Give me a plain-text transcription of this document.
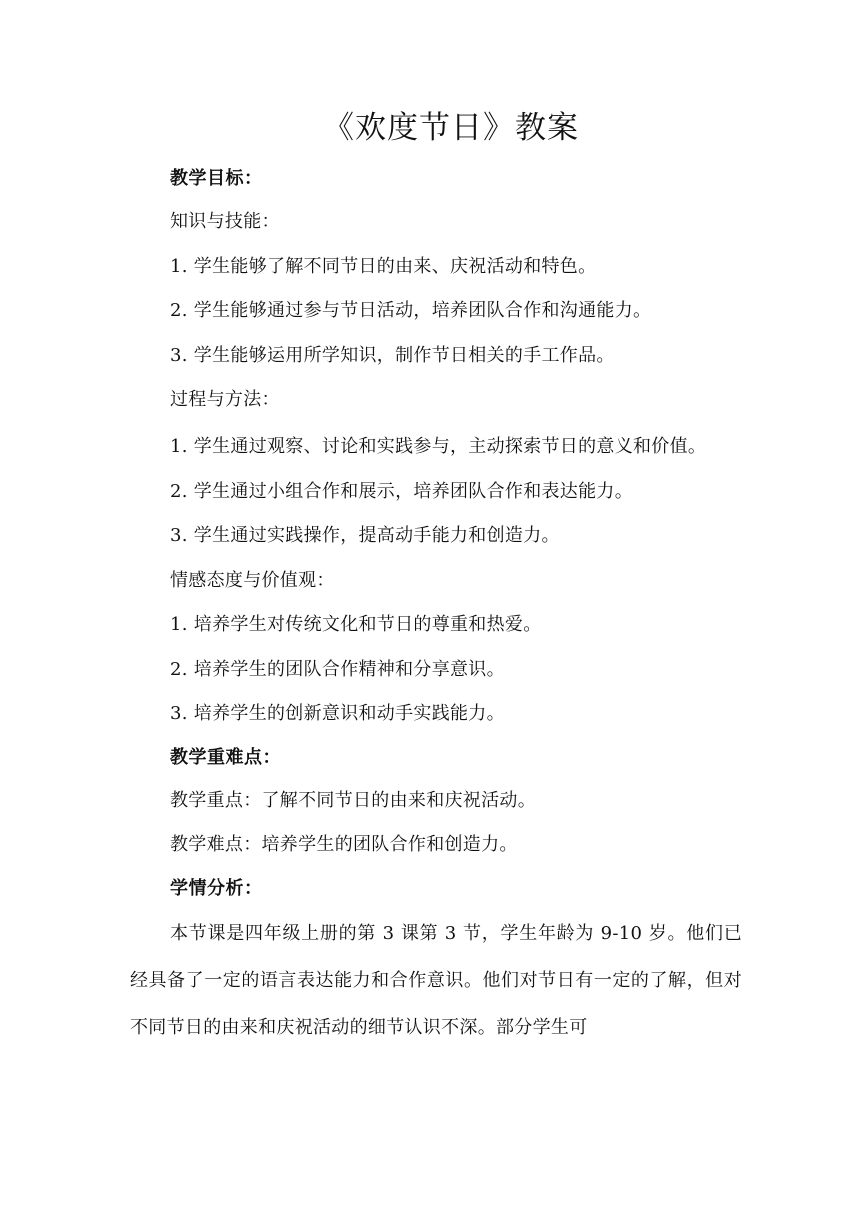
《欢度节日》教案

教学目标：

知识与技能：

1. 学生能够了解不同节日的由来、庆祝活动和特色。

2. 学生能够通过参与节日活动，培养团队合作和沟通能力。

3. 学生能够运用所学知识，制作节日相关的手工作品。

过程与方法：

1. 学生通过观察、讨论和实践参与，主动探索节日的意义和价值。

2. 学生通过小组合作和展示，培养团队合作和表达能力。

3. 学生通过实践操作，提高动手能力和创造力。

情感态度与价值观：

1. 培养学生对传统文化和节日的尊重和热爱。

2. 培养学生的团队合作精神和分享意识。

3. 培养学生的创新意识和动手实践能力。

教学重难点：

教学重点：了解不同节日的由来和庆祝活动。

教学难点：培养学生的团队合作和创造力。

学情分析：

本节课是四年级上册的第 3 课第 3 节，学生年龄为 9-10 岁。他们已经具备了一定的语言表达能力和合作意识。他们对节日有一定的了解，但对不同节日的由来和庆祝活动的细节认识不深。部分学生可
